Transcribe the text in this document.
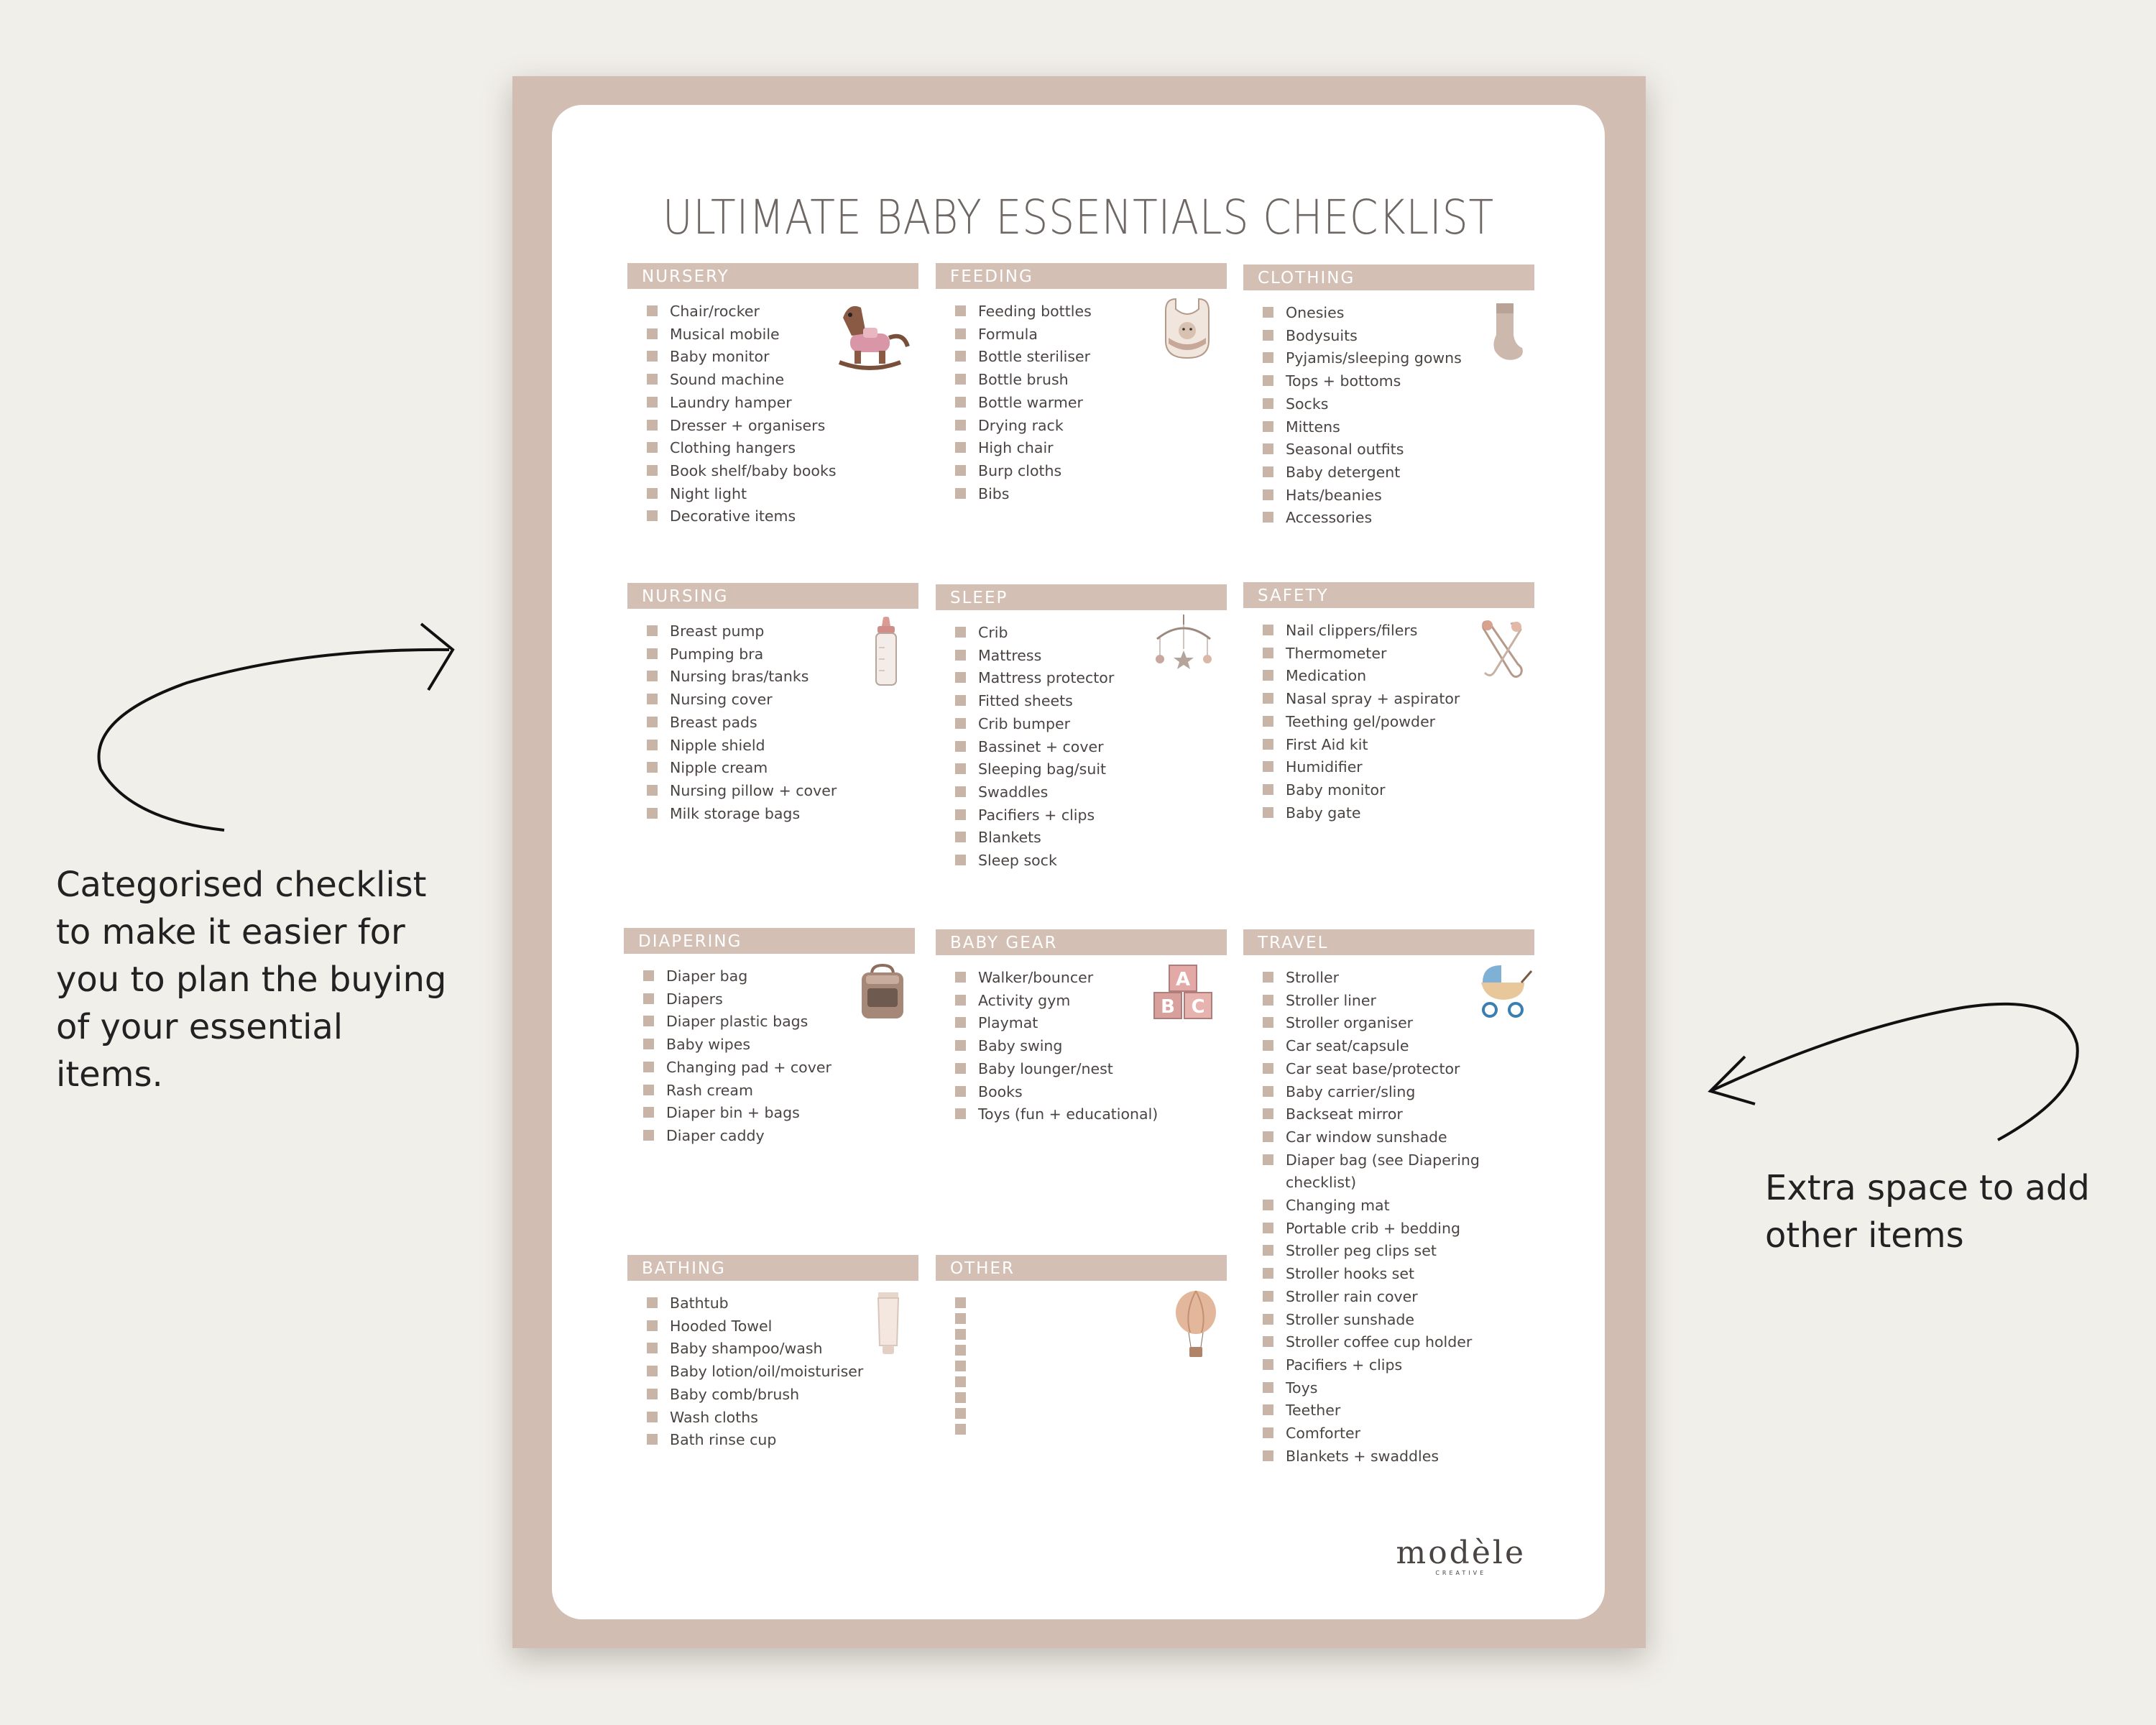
ULTIMATE BABY ESSENTIALS CHECKLIST
NURSERY
Chair/rocker
Musical mobile
Baby monitor
Sound machine
Laundry hamper
Dresser + organisers
Clothing hangers
Book shelf/baby books
Night light
Decorative items
FEEDING
Feeding bottles
Formula
Bottle steriliser
Bottle brush
Bottle warmer
Drying rack
High chair
Burp cloths
Bibs
CLOTHING
Onesies
Bodysuits
Pyjamis/sleeping gowns
Tops + bottoms
Socks
Mittens
Seasonal outfits
Baby detergent
Hats/beanies
Accessories
NURSING
Breast pump
Pumping bra
Nursing bras/tanks
Nursing cover
Breast pads
Nipple shield
Nipple cream
Nursing pillow + cover
Milk storage bags
SLEEP
Crib
Mattress
Mattress protector
Fitted sheets
Crib bumper
Bassinet + cover
Sleeping bag/suit
Swaddles
Pacifiers + clips
Blankets
Sleep sock
SAFETY
Nail clippers/filers
Thermometer
Medication
Nasal spray + aspirator
Teething gel/powder
First Aid kit
Humidifier
Baby monitor
Baby gate
DIAPERING
Diaper bag
Diapers
Diaper plastic bags
Baby wipes
Changing pad + cover
Rash cream
Diaper bin + bags
Diaper caddy
BABY GEAR
Walker/bouncer
Activity gym
Playmat
Baby swing
Baby lounger/nest
Books
Toys (fun + educational)
A
B C
TRAVEL
Stroller
Stroller liner
Stroller organiser
Car seat/capsule
Car seat base/protector
Baby carrier/sling
Backseat mirror
Car window sunshade
Diaper bag (see Diapering checklist)
Changing mat
Portable crib + bedding
Stroller peg clips set
Stroller hooks set
Stroller rain cover
Stroller sunshade
Stroller coffee cup holder
Pacifiers + clips
Toys
Teether
Comforter
Blankets + swaddles
BATHING
Bathtub
Hooded Towel
Baby shampoo/wash
Baby lotion/oil/moisturiser
Baby comb/brush
Wash cloths
Bath rinse cup
OTHER
modèle
CREATIVE
Categorised checklist to make it easier for you to plan the buying of your essential items.
Extra space to add other items
